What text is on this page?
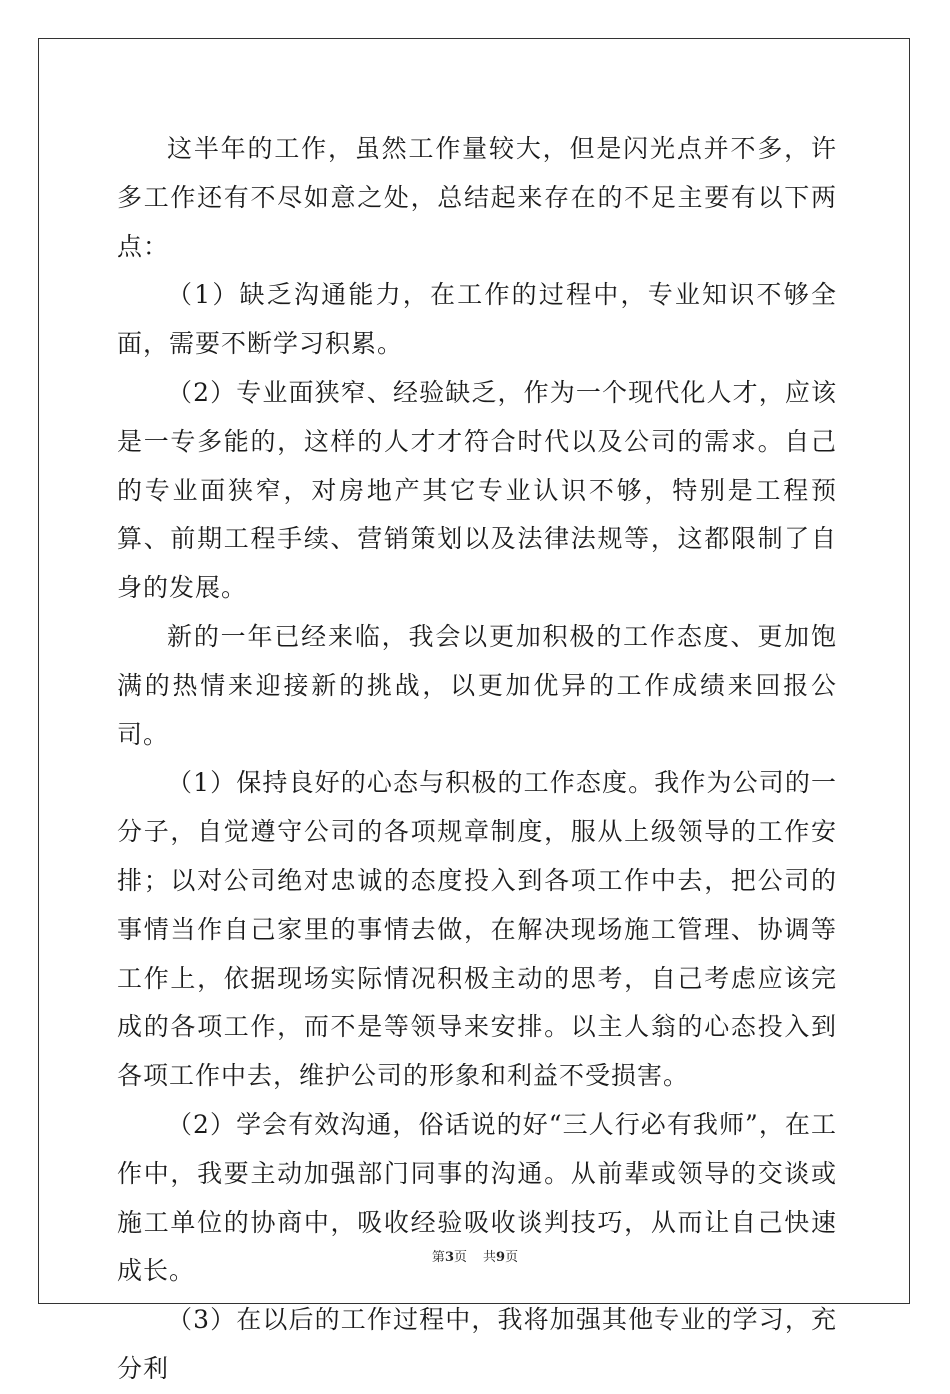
这半年的工作，虽然工作量较大，但是闪光点并不多，许多工作还有不尽如意之处，总结起来存在的不足主要有以下两点：

（1）缺乏沟通能力，在工作的过程中，专业知识不够全面，需要不断学习积累。

（2）专业面狭窄、经验缺乏，作为一个现代化人才，应该是一专多能的，这样的人才才符合时代以及公司的需求。自己的专业面狭窄，对房地产其它专业认识不够，特别是工程预算、前期工程手续、营销策划以及法律法规等，这都限制了自身的发展。

新的一年已经来临，我会以更加积极的工作态度、更加饱满的热情来迎接新的挑战，以更加优异的工作成绩来回报公司。

（1）保持良好的心态与积极的工作态度。我作为公司的一分子，自觉遵守公司的各项规章制度，服从上级领导的工作安排；以对公司绝对忠诚的态度投入到各项工作中去，把公司的事情当作自己家里的事情去做，在解决现场施工管理、协调等工作上，依据现场实际情况积极主动的思考，自己考虑应该完成的各项工作，而不是等领导来安排。以主人翁的心态投入到各项工作中去，维护公司的形象和利益不受损害。

（2）学会有效沟通，俗话说的好“三人行必有我师”，在工作中，我要主动加强部门同事的沟通。从前辈或领导的交谈或施工单位的协商中，吸收经验吸收谈判技巧，从而让自己快速成长。

（3）在以后的工作过程中，我将加强其他专业的学习，充分利

第3页 共9页
